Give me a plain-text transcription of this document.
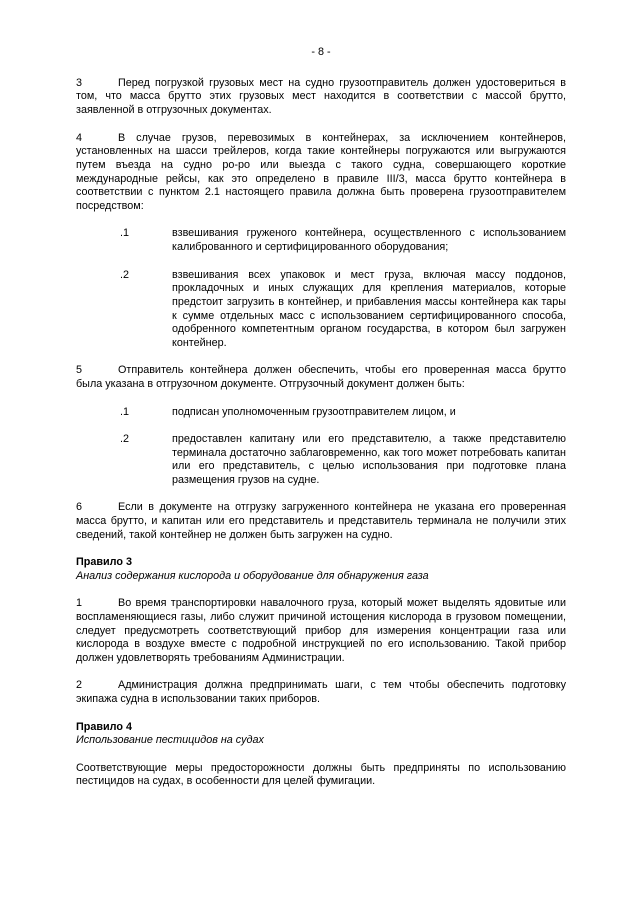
- 8 -

3	Перед погрузкой грузовых мест на судно грузоотправитель должен удостовериться в том, что масса брутто этих грузовых мест находится в соответствии с массой брутто, заявленной в отгрузочных документах.

4	В случае грузов, перевозимых в контейнерах, за исключением контейнеров, установленных на шасси трейлеров, когда такие контейнеры погружаются или выгружаются путем въезда на судно ро-ро или выезда с такого судна, совершающего короткие международные рейсы, как это определено в правиле III/3, масса брутто контейнера в соответствии с пунктом 2.1 настоящего правила должна быть проверена грузоотправителем посредством:

.1	взвешивания груженого контейнера, осуществленного с использованием калиброванного и сертифицированного оборудования;
.2	взвешивания всех упаковок и мест груза, включая массу поддонов, прокладочных и иных служащих для крепления материалов, которые предстоит загрузить в контейнер, и прибавления массы контейнера как тары к сумме отдельных масс с использованием сертифицированного способа, одобренного компетентным органом государства, в котором был загружен контейнер.

5	Отправитель контейнера должен обеспечить, чтобы его проверенная масса брутто была указана в отгрузочном документе. Отгрузочный документ должен быть:

.1	подписан уполномоченным грузоотправителем лицом, и
.2	предоставлен капитану или его представителю, а также представителю терминала достаточно заблаговременно, как того может потребовать капитан или его представитель, с целью использования при подготовке плана размещения грузов на судне.

6	Если в документе на отгрузку загруженного контейнера не указана его проверенная масса брутто, и капитан или его представитель и представитель терминала не получили этих сведений, такой контейнер не должен быть загружен на судно.

Правило 3
Анализ содержания кислорода и оборудование для обнаружения газа

1	Во время транспортировки навалочного груза, который может выделять ядовитые или воспламеняющиеся газы, либо служит причиной истощения кислорода в грузовом помещении, следует предусмотреть соответствующий прибор для измерения концентрации газа или кислорода в воздухе вместе с подробной инструкцией по его использованию. Такой прибор должен удовлетворять требованиям Администрации.

2	Администрация должна предпринимать шаги, с тем чтобы обеспечить подготовку экипажа судна в использовании таких приборов.

Правило 4
Использование пестицидов на судах

Соответствующие меры предосторожности должны быть предприняты по использованию пестицидов на судах, в особенности для целей фумигации.
